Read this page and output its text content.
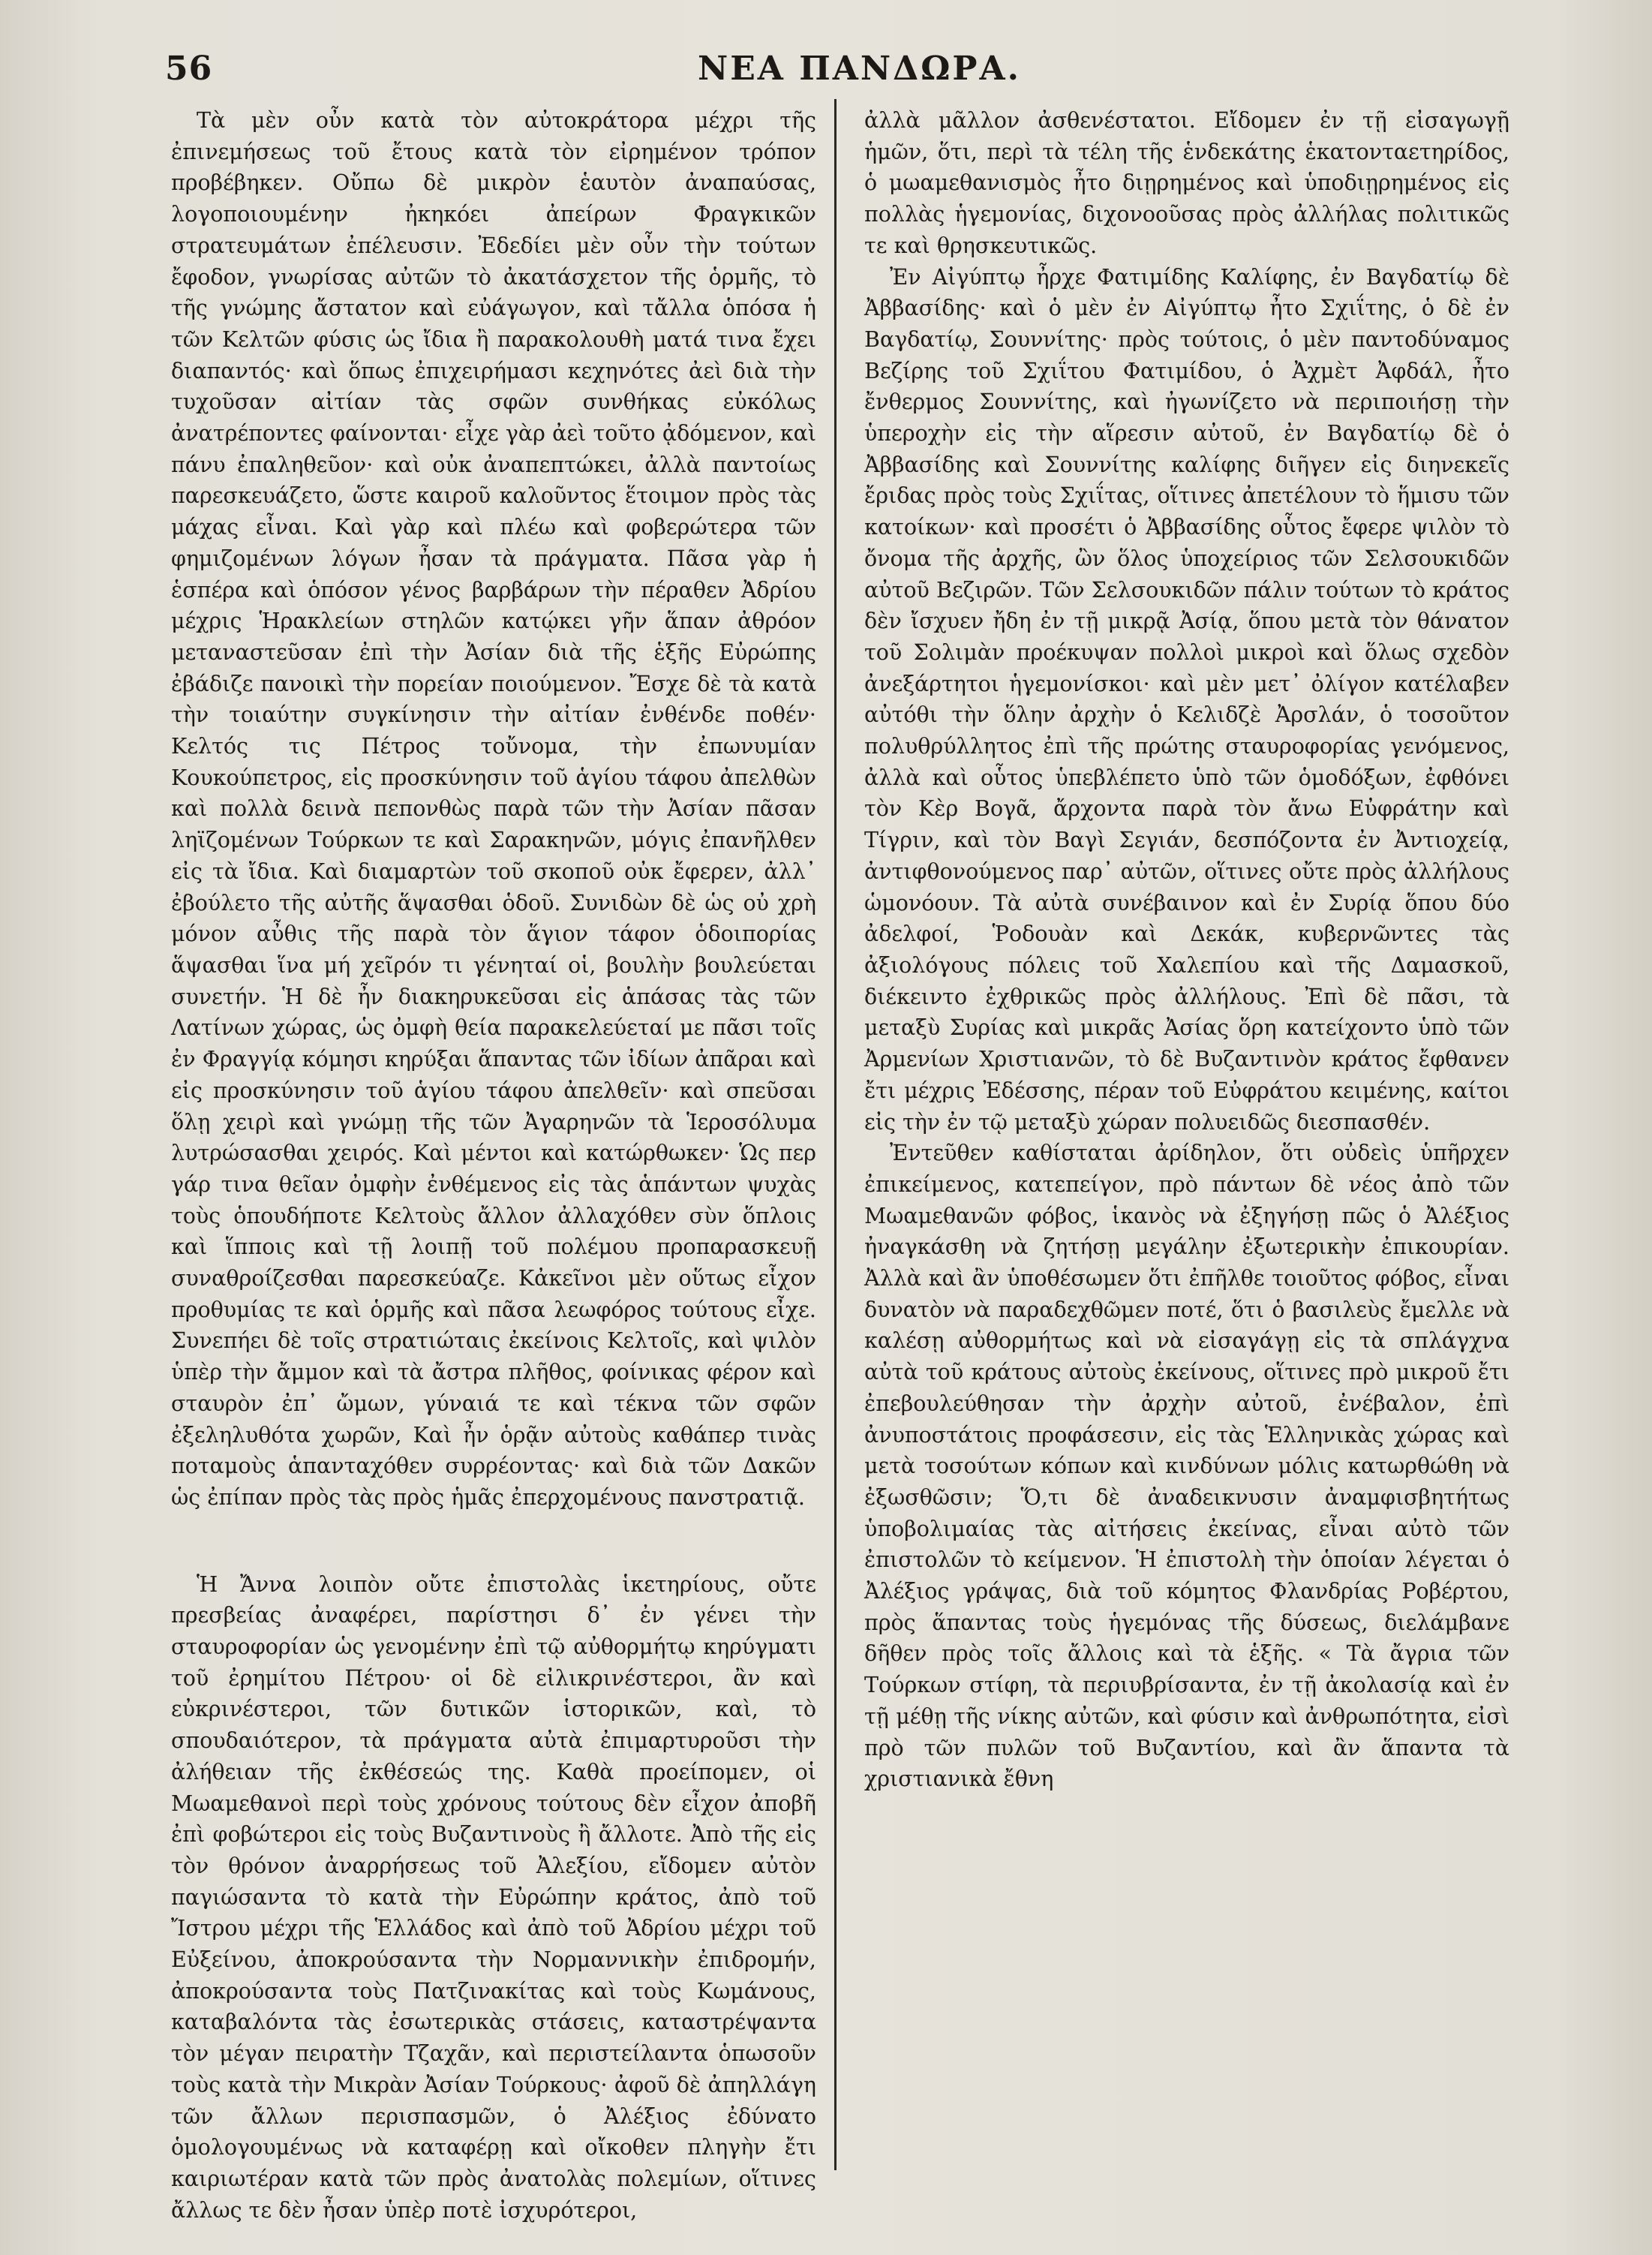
56	ΝΕΑ ΠΑΝΔΩΡΑ.

Τὰ μὲν οὖν κατὰ τὸν αὐτοκράτορα μέχρι τῆς ἐπινεμήσεως τοῦ ἔτους κατὰ τὸν εἰρημένον τρόπον προβέβηκεν. Οὔπω δὲ μικρὸν ἑαυτὸν ἀναπαύσας, λογοποιουμένην ἠκηκόει ἀπείρων Φραγκικῶν στρατευμάτων ἐπέλευσιν. Ἐδεδίει μὲν οὖν τὴν τούτων ἔφοδον, γνωρίσας αὐτῶν τὸ ἀκατάσχετον τῆς ὁρμῆς, τὸ τῆς γνώμης ἄστατον καὶ εὐάγωγον, καὶ τἄλλα ὁπόσα ἡ τῶν Κελτῶν φύσις ὡς ἴδια ἢ παρακολουθὴ ματά τινα ἔχει διαπαντός· καὶ ὅπως ἐπιχειρήμασι κεχηνότες ἀεὶ διὰ τὴν τυχοῦσαν αἰτίαν τὰς σφῶν συνθήκας εὐκόλως ἀνατρέποντες φαίνονται· εἶχε γὰρ ἀεὶ τοῦτο ᾀδόμενον, καὶ πάνυ ἐπαληθεῦον· καὶ οὐκ ἀναπεπτώκει, ἀλλὰ παντοίως παρεσκευάζετο, ὥστε καιροῦ καλοῦντος ἕτοιμον πρὸς τὰς μάχας εἶναι. Καὶ γὰρ καὶ πλέω καὶ φοβερώτερα τῶν φημιζομένων λόγων ἦσαν τὰ πράγματα. Πᾶσα γὰρ ἡ ἑσπέρα καὶ ὁπόσον γένος βαρβάρων τὴν πέραθεν Ἀδρίου μέχρις Ἡρακλείων στηλῶν κατῴκει γῆν ἅπαν ἀθρόον μεταναστεῦσαν ἐπὶ τὴν Ἀσίαν διὰ τῆς ἑξῆς Εὐρώπης ἐβάδιζε πανοικὶ τὴν πορείαν ποιούμενον. Ἔσχε δὲ τὰ κατὰ τὴν τοιαύτην συγκίνησιν τὴν αἰτίαν ἐνθένδε ποθέν· Κελτός τις Πέτρος τοὔνομα, τὴν ἐπωνυμίαν Κουκούπετρος, εἰς προσκύνησιν τοῦ ἁγίου τάφου ἀπελθὼν καὶ πολλὰ δεινὰ πεπονθὼς παρὰ τῶν τὴν Ἀσίαν πᾶσαν ληϊζομένων Τούρκων τε καὶ Σαρακηνῶν, μόγις ἐπανῆλθεν εἰς τὰ ἴδια. Καὶ διαμαρτὼν τοῦ σκοποῦ οὐκ ἔφερεν, ἀλλ᾽ ἐβούλετο τῆς αὐτῆς ἅψασθαι ὁδοῦ. Συνιδὼν δὲ ὡς οὐ χρὴ μόνον αὖθις τῆς παρὰ τὸν ἅγιον τάφον ὁδοιπορίας ἅψασθαι ἵνα μή χεῖρόν τι γένηταί οἱ, βουλὴν βουλεύεται συνετήν. Ἡ δὲ ἦν διακηρυκεῦσαι εἰς ἁπάσας τὰς τῶν Λατίνων χώρας, ὡς ὀμφὴ θεία παρακελεύεταί με πᾶσι τοῖς ἐν Φραγγίᾳ κόμησι κηρύξαι ἅπαντας τῶν ἰδίων ἀπᾶραι καὶ εἰς προσκύνησιν τοῦ ἁγίου τάφου ἀπελθεῖν· καὶ σπεῦσαι ὅλῃ χειρὶ καὶ γνώμῃ τῆς τῶν Ἀγαρηνῶν τὰ Ἱεροσόλυμα λυτρώσασθαι χειρός. Καὶ μέντοι καὶ κατώρθωκεν· Ὡς περ γάρ τινα θεῖαν ὀμφὴν ἐνθέμενος εἰς τὰς ἁπάντων ψυχὰς τοὺς ὁπουδήποτε Κελτοὺς ἄλλον ἀλλαχόθεν σὺν ὅπλοις καὶ ἵπποις καὶ τῇ λοιπῇ τοῦ πολέμου προπαρασκευῇ συναθροίζεσθαι παρεσκεύαζε. Κἀκεῖνοι μὲν οὕτως εἶχον προθυμίας τε καὶ ὁρμῆς καὶ πᾶσα λεωφόρος τούτους εἶχε. Συνεπήει δὲ τοῖς στρατιώταις ἐκείνοις Κελτοῖς, καὶ ψιλὸν ὑπὲρ τὴν ἄμμον καὶ τὰ ἄστρα πλῆθος, φοίνικας φέρον καὶ σταυρὸν ἐπ᾽ ὤμων, γύναιά τε καὶ τέκνα τῶν σφῶν ἐξεληλυθότα χωρῶν, Καὶ ἦν ὁρᾷν αὐτοὺς καθάπερ τινὰς ποταμοὺς ἁπανταχόθεν συρρέοντας· καὶ διὰ τῶν Δακῶν ὡς ἐπίπαν πρὸς τὰς πρὸς ἡμᾶς ἐπερχομένους πανστρατιᾷ.

Ἡ Ἄννα λοιπὸν οὔτε ἐπιστολὰς ἱκετηρίους, οὔτε πρεσβείας ἀναφέρει, παρίστησι δ᾽ ἐν γένει τὴν σταυροφορίαν ὡς γενομένην ἐπὶ τῷ αὐθορμήτῳ κηρύγματι τοῦ ἐρημίτου Πέτρου· οἱ δὲ εἰλικρινέστεροι, ἂν καὶ εὐκρινέστεροι, τῶν δυτικῶν ἱστορικῶν, καὶ, τὸ σπουδαιότερον, τὰ πράγματα αὐτὰ ἐπιμαρτυροῦσι τὴν ἀλήθειαν τῆς ἐκθέσεώς της. Καθὰ προείπομεν, οἱ Μωαμεθανοὶ περὶ τοὺς χρόνους τούτους δὲν εἶχον ἀποβῆ ἐπὶ φοβώτεροι εἰς τοὺς Βυζαντινοὺς ἢ ἄλλοτε. Ἀπὸ τῆς εἰς τὸν θρόνον ἀναρρήσεως τοῦ Ἀλεξίου, εἴδομεν αὐτὸν παγιώσαντα τὸ κατὰ τὴν Εὐρώπην κράτος, ἀπὸ τοῦ Ἴστρου μέχρι τῆς Ἑλλάδος καὶ ἀπὸ τοῦ Ἀδρίου μέχρι τοῦ Εὐξείνου, ἀποκρούσαντα τὴν Νορμαννικὴν ἐπιδρομήν, ἀποκρούσαντα τοὺς Πατζινακίτας καὶ τοὺς Κωμάνους, καταβαλόντα τὰς ἐσωτερικὰς στάσεις, καταστρέψαντα τὸν μέγαν πειρατὴν Τζαχᾶν, καὶ περιστείλαντα ὁπωσοῦν τοὺς κατὰ τὴν Μικρὰν Ἀσίαν Τούρκους· ἀφοῦ δὲ ἀπηλλάγη τῶν ἄλλων περισπασμῶν, ὁ Ἀλέξιος ἐδύνατο ὁμολογουμένως νὰ καταφέρῃ καὶ οἴκοθεν πληγὴν ἔτι καιριωτέραν κατὰ τῶν πρὸς ἀνατολὰς πολεμίων, οἵτινες ἄλλως τε δὲν ἦσαν ὑπὲρ ποτὲ ἰσχυρότεροι,

ἀλλὰ μᾶλλον ἀσθενέστατοι. Εἴδομεν ἐν τῇ εἰσαγωγῇ ἡμῶν, ὅτι, περὶ τὰ τέλη τῆς ἑνδεκάτης ἑκατονταετηρίδος, ὁ μωαμεθανισμὸς ἦτο διῃρημένος καὶ ὑποδιῃρημένος εἰς πολλὰς ἡγεμονίας, διχονοοῦσας πρὸς ἀλλήλας πολιτικῶς τε καὶ θρησκευτικῶς.

Ἐν Αἰγύπτῳ ἦρχε Φατιμίδης Καλίφης, ἐν Βαγδατίῳ δὲ Ἀββασίδης· καὶ ὁ μὲν ἐν Αἰγύπτῳ ἦτο Σχιΐτης, ὁ δὲ ἐν Βαγδατίῳ, Σουννίτης· πρὸς τούτοις, ὁ μὲν παντοδύναμος Βεζίρης τοῦ Σχιΐτου Φατιμίδου, ὁ Ἀχμὲτ Ἀφδάλ, ἦτο ἔνθερμος Σουννίτης, καὶ ἠγωνίζετο νὰ περιποιήσῃ τὴν ὑπεροχὴν εἰς τὴν αἵρεσιν αὐτοῦ, ἐν Βαγδατίῳ δὲ ὁ Ἀββασίδης καὶ Σουννίτης καλίφης διῆγεν εἰς διηνεκεῖς ἔριδας πρὸς τοὺς Σχιΐτας, οἵτινες ἀπετέλουν τὸ ἥμισυ τῶν κατοίκων· καὶ προσέτι ὁ Ἀββασίδης οὗτος ἔφερε ψιλὸν τὸ ὄνομα τῆς ἀρχῆς, ὢν ὅλος ὑποχείριος τῶν Σελσουκιδῶν αὐτοῦ Βεζιρῶν. Τῶν Σελσουκιδῶν πάλιν τούτων τὸ κράτος δὲν ἴσχυεν ἤδη ἐν τῇ μικρᾷ Ἀσίᾳ, ὅπου μετὰ τὸν θάνατον τοῦ Σολιμὰν προέκυψαν πολλοὶ μικροὶ καὶ ὅλως σχεδὸν ἀνεξάρτητοι ἡγεμονίσκοι· καὶ μὲν μετ᾽ ὀλίγον κατέλαβεν αὐτόθι τὴν ὅλην ἀρχὴν ὁ Κελιδζὲ Ἀρσλάν, ὁ τοσοῦτον πολυθρύλλητος ἐπὶ τῆς πρώτης σταυροφορίας γενόμενος, ἀλλὰ καὶ οὗτος ὑπεβλέπετο ὑπὸ τῶν ὁμοδόξων, ἐφθόνει τὸν Κὲρ Βογᾶ, ἄρχοντα παρὰ τὸν ἄνω Εὐφράτην καὶ Τίγριν, καὶ τὸν Βαγὶ Σεγιάν, δεσπόζοντα ἐν Ἀντιοχείᾳ, ἀντιφθονούμενος παρ᾽ αὐτῶν, οἵτινες οὔτε πρὸς ἀλλήλους ὡμονόουν. Τὰ αὐτὰ συνέβαινον καὶ ἐν Συρίᾳ ὅπου δύο ἀδελφοί, Ῥοδουὰν καὶ Δεκάκ, κυβερνῶντες τὰς ἀξιολόγους πόλεις τοῦ Χαλεπίου καὶ τῆς Δαμασκοῦ, διέκειντο ἐχθρικῶς πρὸς ἀλλήλους. Ἐπὶ δὲ πᾶσι, τὰ μεταξὺ Συρίας καὶ μικρᾶς Ἀσίας ὅρη κατείχοντο ὑπὸ τῶν Ἀρμενίων Χριστιανῶν, τὸ δὲ Βυζαντινὸν κράτος ἔφθανεν ἔτι μέχρις Ἐδέσσης, πέραν τοῦ Εὐφράτου κειμένης, καίτοι εἰς τὴν ἐν τῷ μεταξὺ χώραν πολυειδῶς διεσπασθέν.

Ἐντεῦθεν καθίσταται ἀρίδηλον, ὅτι οὐδεὶς ὑπῆρχεν ἐπικείμενος, κατεπείγον, πρὸ πάντων δὲ νέος ἀπὸ τῶν Μωαμεθανῶν φόβος, ἱκανὸς νὰ ἐξηγήσῃ πῶς ὁ Ἀλέξιος ἠναγκάσθη νὰ ζητήσῃ μεγάλην ἐξωτερικὴν ἐπικουρίαν. Ἀλλὰ καὶ ἂν ὑποθέσωμεν ὅτι ἐπῆλθε τοιοῦτος φόβος, εἶναι δυνατὸν νὰ παραδεχθῶμεν ποτέ, ὅτι ὁ βασιλεὺς ἔμελλε νὰ καλέσῃ αὐθορμήτως καὶ νὰ εἰσαγάγῃ εἰς τὰ σπλάγχνα αὐτὰ τοῦ κράτους αὐτοὺς ἐκείνους, οἵτινες πρὸ μικροῦ ἔτι ἐπεβουλεύθησαν τὴν ἀρχὴν αὐτοῦ, ἐνέβαλον, ἐπὶ ἀνυποστάτοις προφάσεσιν, εἰς τὰς Ἑλληνικὰς χώρας καὶ μετὰ τοσούτων κόπων καὶ κινδύνων μόλις κατωρθώθη νὰ ἐξωσθῶσιν; Ὅ,τι δὲ ἀναδεικνυσιν ἀναμφισβητήτως ὑποβολιμαίας τὰς αἰτήσεις ἐκείνας, εἶναι αὐτὸ τῶν ἐπιστολῶν τὸ κείμενον. Ἡ ἐπιστολὴ τὴν ὁποίαν λέγεται ὁ Ἀλέξιος γράψας, διὰ τοῦ κόμητος Φλανδρίας Ροβέρτου, πρὸς ἅπαντας τοὺς ἡγεμόνας τῆς δύσεως, διελάμβανε δῆθεν πρὸς τοῖς ἄλλοις καὶ τὰ ἑξῆς. « Τὰ ἄγρια τῶν Τούρκων στίφη, τὰ περιυβρίσαντα, ἐν τῇ ἀκολασίᾳ καὶ ἐν τῇ μέθῃ τῆς νίκης αὐτῶν, καὶ φύσιν καὶ ἀνθρωπότητα, εἰσὶ πρὸ τῶν πυλῶν τοῦ Βυζαντίου, καὶ ἂν ἅπαντα τὰ χριστιανικὰ ἔθνη
